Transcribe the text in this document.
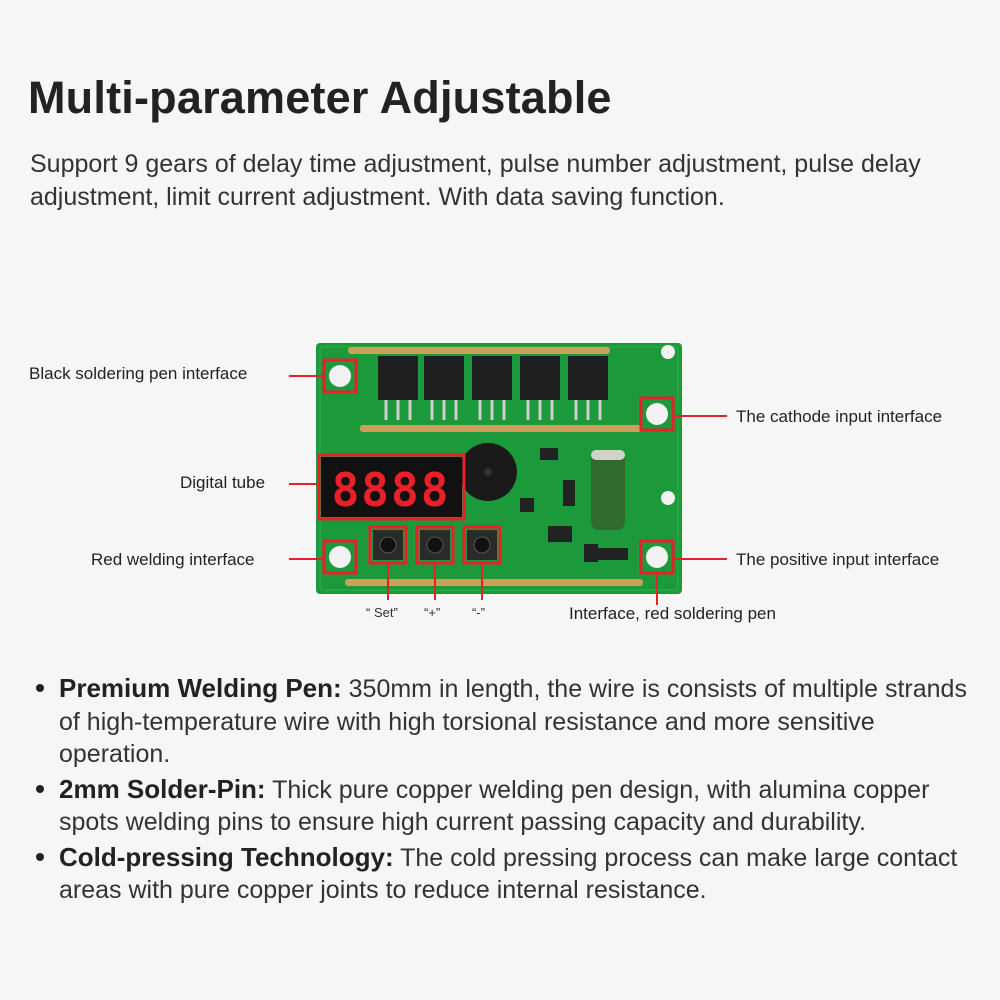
Multi-parameter Adjustable
Support 9 gears of delay time adjustment, pulse number adjustment, pulse delay adjustment, limit current adjustment. With data saving function.
8888
Black soldering pen interface
Digital tube
Red welding interface
The cathode input interface
The positive input interface
Interface, red soldering pen
“ Set” “+” “-”
Premium Welding Pen: 350mm in length, the wire is consists of multiple strands of high-temperature wire with high torsional resistance and more sensitive operation.
2mm Solder-Pin: Thick pure copper welding pen design, with alumina copper spots welding pins to ensure high current passing capacity and durability.
Cold-pressing Technology: The cold pressing process can make large contact areas with pure copper joints to reduce internal resistance.
